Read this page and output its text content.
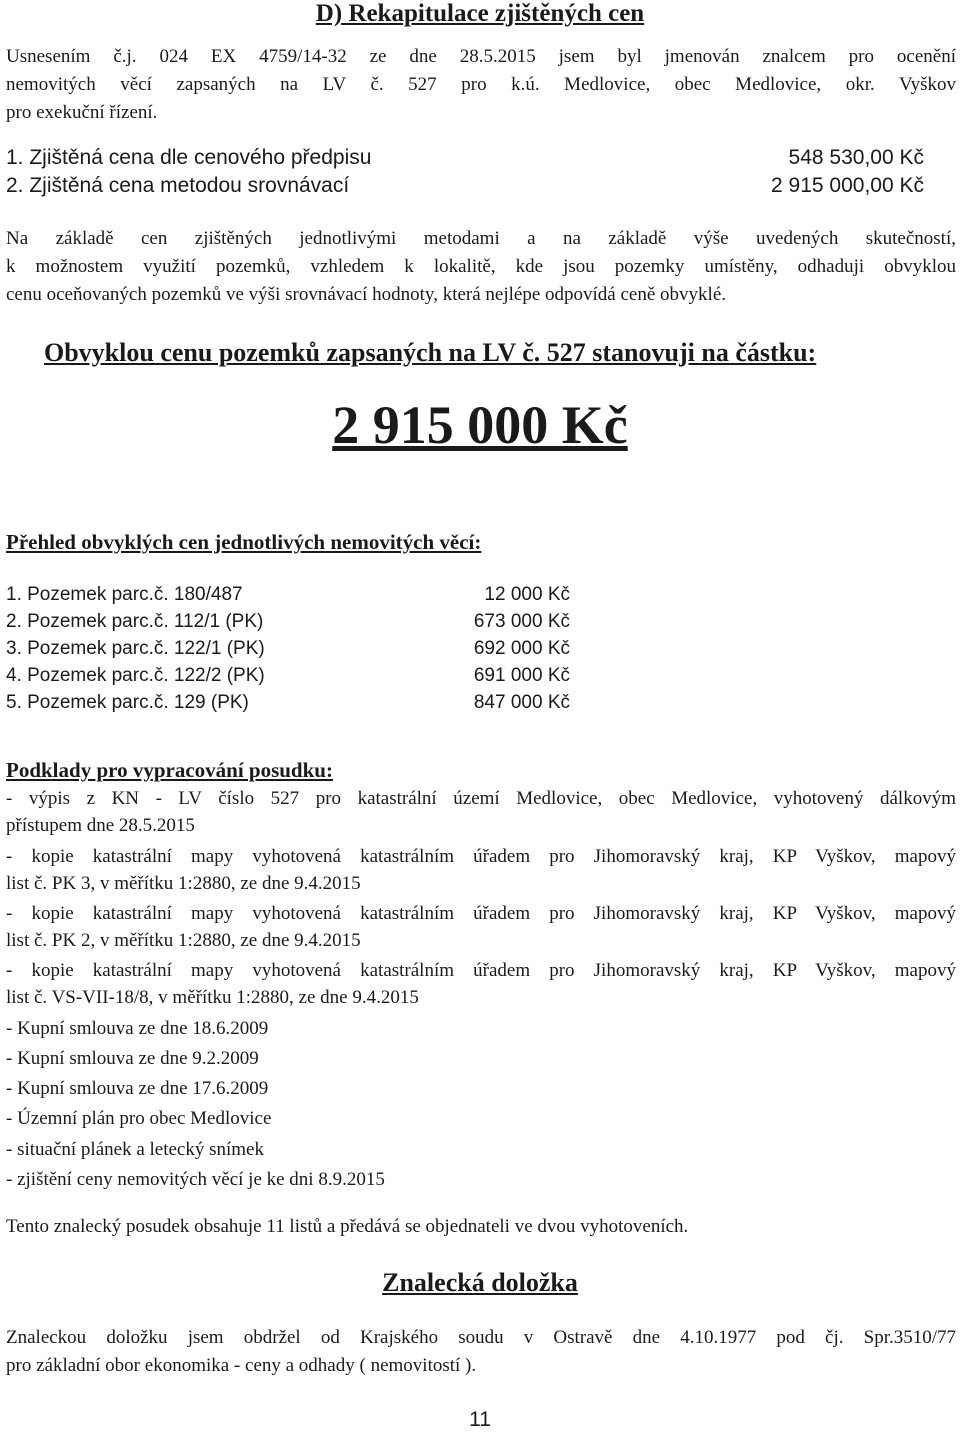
D) Rekapitulace zjištěných cen
Usnesením č.j. 024 EX 4759/14-32 ze dne 28.5.2015 jsem byl jmenován znalcem pro ocenění
nemovitých věcí zapsaných na LV č. 527 pro k.ú. Medlovice, obec Medlovice, okr. Vyškov
pro exekuční řízení.
1. Zjištěná cena dle cenového předpisu	548 530,00 Kč
2. Zjištěná cena metodou srovnávací	2 915 000,00 Kč
Na základě cen zjištěných jednotlivými metodami a na základě výše uvedených skutečností,
k možnostem využití pozemků, vzhledem k lokalitě, kde jsou pozemky umístěny, odhaduji obvyklou
cenu oceňovaných pozemků ve výši srovnávací hodnoty, která nejlépe odpovídá ceně obvyklé.
Obvyklou cenu pozemků zapsaných na LV č. 527 stanovuji na částku:
2 915 000 Kč
Přehled obvyklých cen jednotlivých nemovitých věcí:
1. Pozemek parc.č. 180/487	12 000 Kč
2. Pozemek parc.č. 112/1 (PK)	673 000 Kč
3. Pozemek parc.č. 122/1 (PK)	692 000 Kč
4. Pozemek parc.č. 122/2 (PK)	691 000 Kč
5. Pozemek parc.č. 129 (PK)	847 000 Kč
Podklady pro vypracování posudku:
- výpis z KN - LV číslo 527 pro katastrální území Medlovice, obec Medlovice, vyhotovený dálkovým
přístupem dne 28.5.2015
- kopie katastrální mapy vyhotovená katastrálním úřadem pro Jihomoravský kraj, KP Vyškov, mapový
list č. PK 3, v měřítku 1:2880, ze dne 9.4.2015
- kopie katastrální mapy vyhotovená katastrálním úřadem pro Jihomoravský kraj, KP Vyškov, mapový
list č. PK 2, v měřítku 1:2880, ze dne 9.4.2015
- kopie katastrální mapy vyhotovená katastrálním úřadem pro Jihomoravský kraj, KP Vyškov, mapový
list č. VS-VII-18/8, v měřítku 1:2880, ze dne 9.4.2015
- Kupní smlouva ze dne 18.6.2009
- Kupní smlouva ze dne 9.2.2009
- Kupní smlouva ze dne 17.6.2009
- Územní plán pro obec Medlovice
- situační plánek a letecký snímek
- zjištění ceny nemovitých věcí je ke dni 8.9.2015
Tento znalecký posudek obsahuje 11 listů a předává se objednateli ve dvou vyhotoveních.
Znalecká doložka
Znaleckou doložku jsem obdržel od Krajského soudu v Ostravě dne 4.10.1977 pod čj. Spr.3510/77
pro základní obor ekonomika - ceny a odhady ( nemovitostí ).
11
